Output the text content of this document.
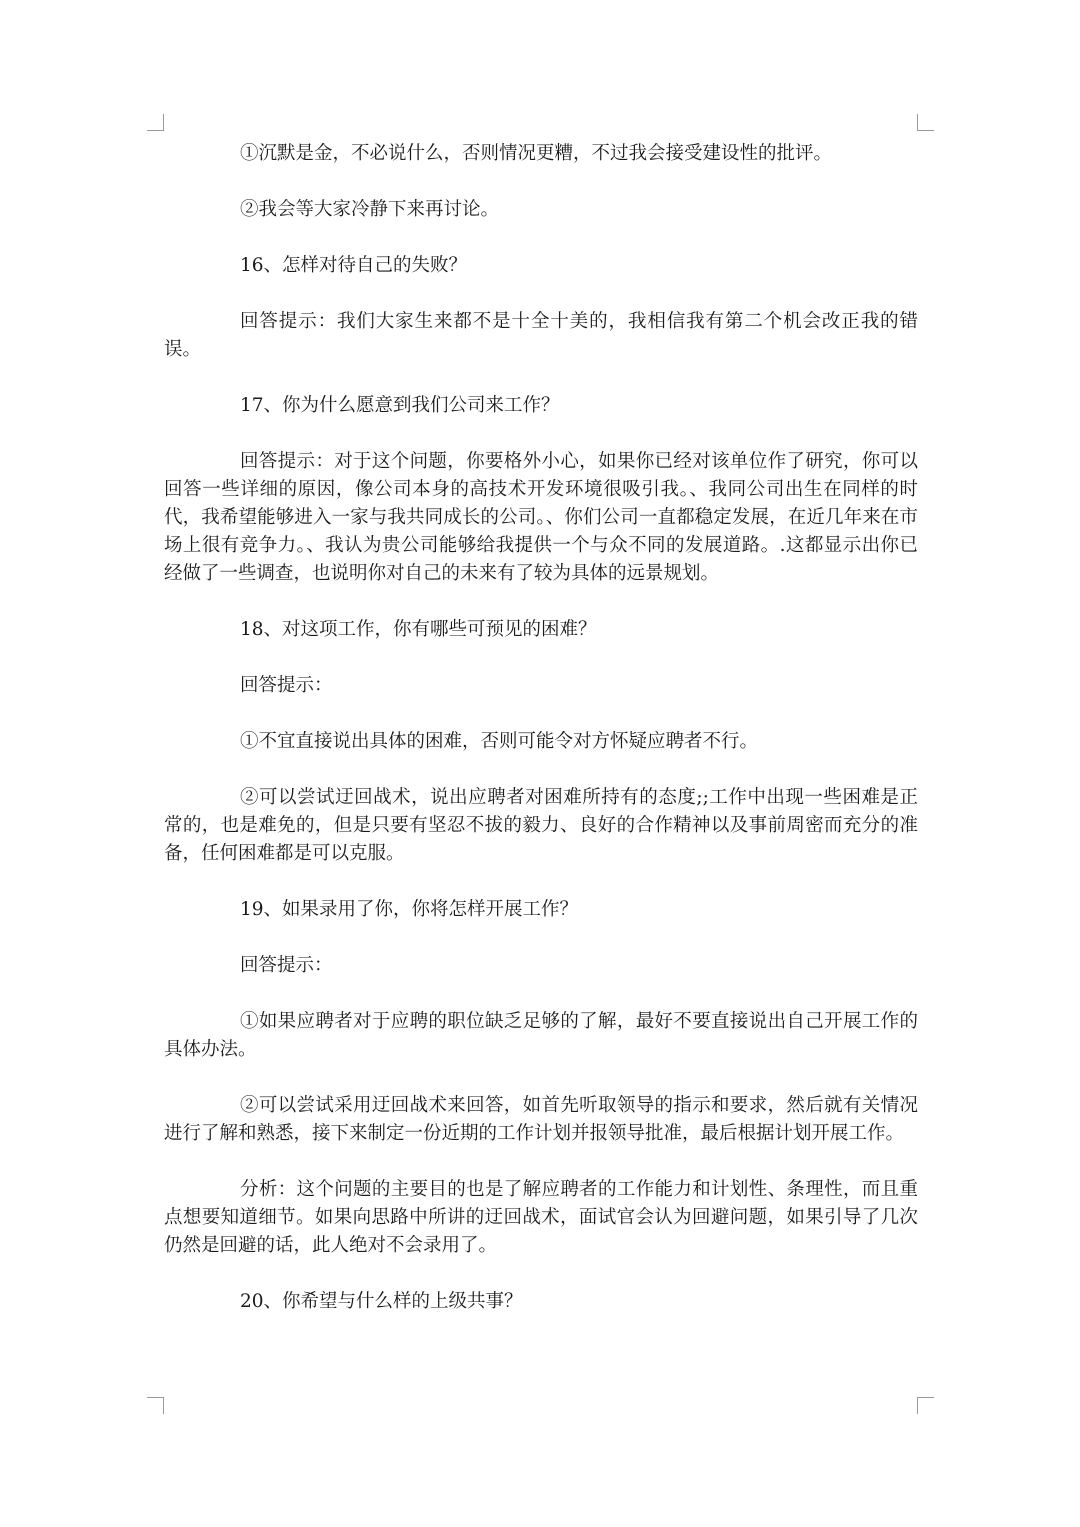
①沉默是金，不必说什么，否则情况更糟，不过我会接受建设性的批评。

②我会等大家冷静下来再讨论。

16、怎样对待自己的失败？

回答提示：我们大家生来都不是十全十美的，我相信我有第二个机会改正我的错误。

17、你为什么愿意到我们公司来工作？

回答提示：对于这个问题，你要格外小心，如果你已经对该单位作了研究，你可以回答一些详细的原因，像公司本身的高技术开发环境很吸引我。、我同公司出生在同样的时代，我希望能够进入一家与我共同成长的公司。、你们公司一直都稳定发展，在近几年来在市场上很有竞争力。、我认为贵公司能够给我提供一个与众不同的发展道路。.这都显示出你已经做了一些调查，也说明你对自己的未来有了较为具体的远景规划。

18、对这项工作，你有哪些可预见的困难？

回答提示：

①不宜直接说出具体的困难，否则可能令对方怀疑应聘者不行。

②可以尝试迂回战术，说出应聘者对困难所持有的态度;;工作中出现一些困难是正常的，也是难免的，但是只要有坚忍不拔的毅力、良好的合作精神以及事前周密而充分的准备，任何困难都是可以克服。

19、如果录用了你，你将怎样开展工作？

回答提示：

①如果应聘者对于应聘的职位缺乏足够的了解，最好不要直接说出自己开展工作的具体办法。

②可以尝试采用迂回战术来回答，如首先听取领导的指示和要求，然后就有关情况进行了解和熟悉，接下来制定一份近期的工作计划并报领导批准，最后根据计划开展工作。

分析：这个问题的主要目的也是了解应聘者的工作能力和计划性、条理性，而且重点想要知道细节。如果向思路中所讲的迂回战术，面试官会认为回避问题，如果引导了几次仍然是回避的话，此人绝对不会录用了。

20、你希望与什么样的上级共事？
